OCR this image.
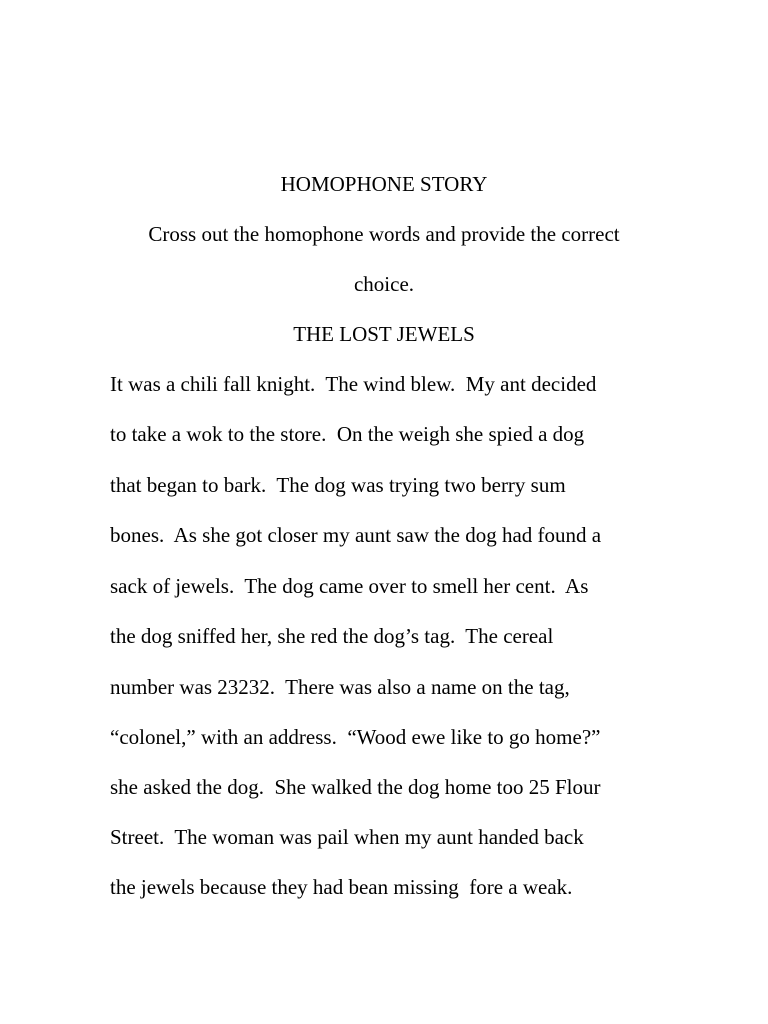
HOMOPHONE STORY
Cross out the homophone words and provide the correct
choice.
THE LOST JEWELS
It was a chili fall knight.  The wind blew.  My ant decided
to take a wok to the store.  On the weigh she spied a dog
that began to bark.  The dog was trying two berry sum
bones.  As she got closer my aunt saw the dog had found a
sack of jewels.  The dog came over to smell her cent.  As
the dog sniffed her, she red the dog’s tag.  The cereal
number was 23232.  There was also a name on the tag,
“colonel,” with an address.  “Wood ewe like to go home?”
she asked the dog.  She walked the dog home too 25 Flour
Street.  The woman was pail when my aunt handed back
the jewels because they had bean missing  fore a weak.
